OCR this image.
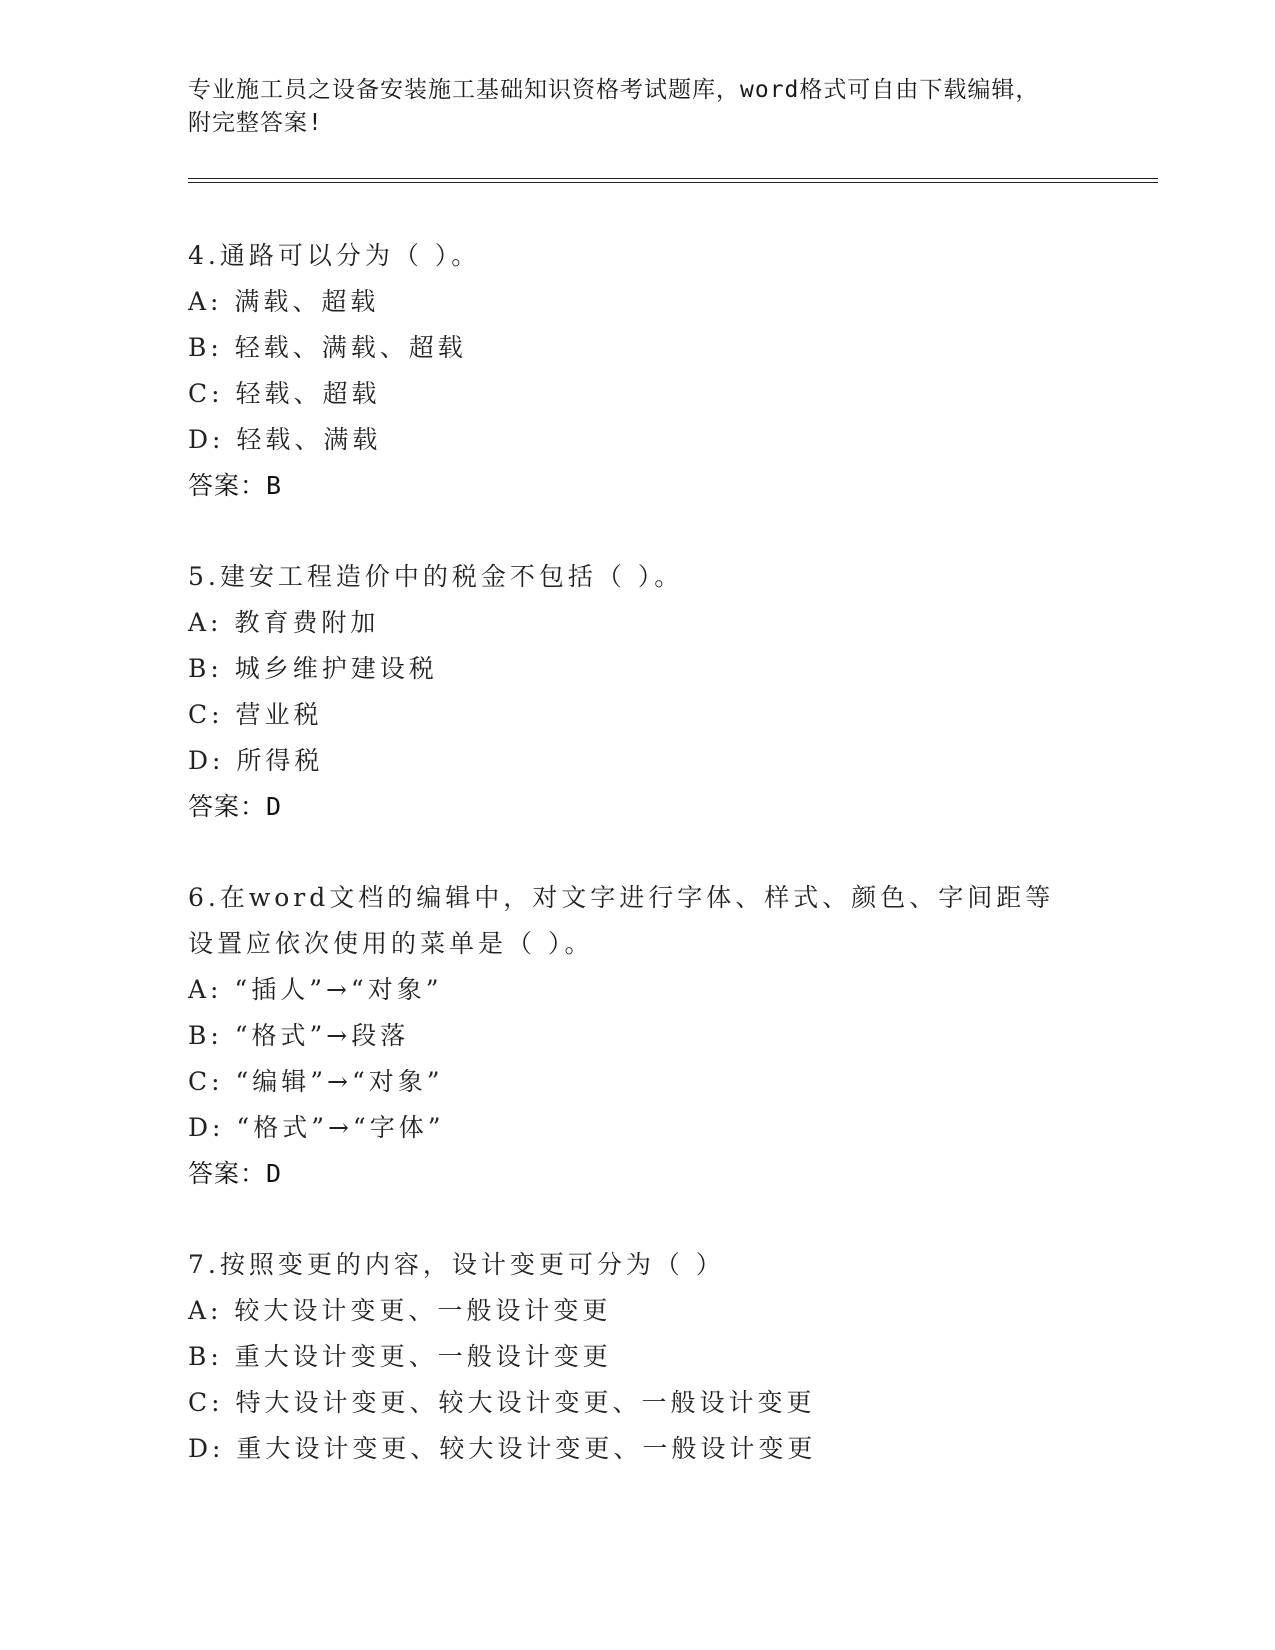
专业施工员之设备安装施工基础知识资格考试题库，word格式可自由下载编辑，
附完整答案!

4.通路可以分为（ ）。
A: 满载、超载
B: 轻载、满载、超载
C: 轻载、超载
D: 轻载、满载
答案：B
5.建安工程造价中的税金不包括（ ）。
A: 教育费附加
B: 城乡维护建设税
C: 营业税
D: 所得税
答案：D
6.在word文档的编辑中，对文字进行字体、样式、颜色、字间距等设置应依次使用的菜单是（ ）。
A: “插人”→“对象”
B: “格式”→段落
C: “编辑”→“对象”
D: “格式”→“字体”
答案：D
7.按照变更的内容，设计变更可分为（ ）
A: 较大设计变更、一般设计变更
B: 重大设计变更、一般设计变更
C: 特大设计变更、较大设计变更、一般设计变更
D: 重大设计变更、较大设计变更、一般设计变更
